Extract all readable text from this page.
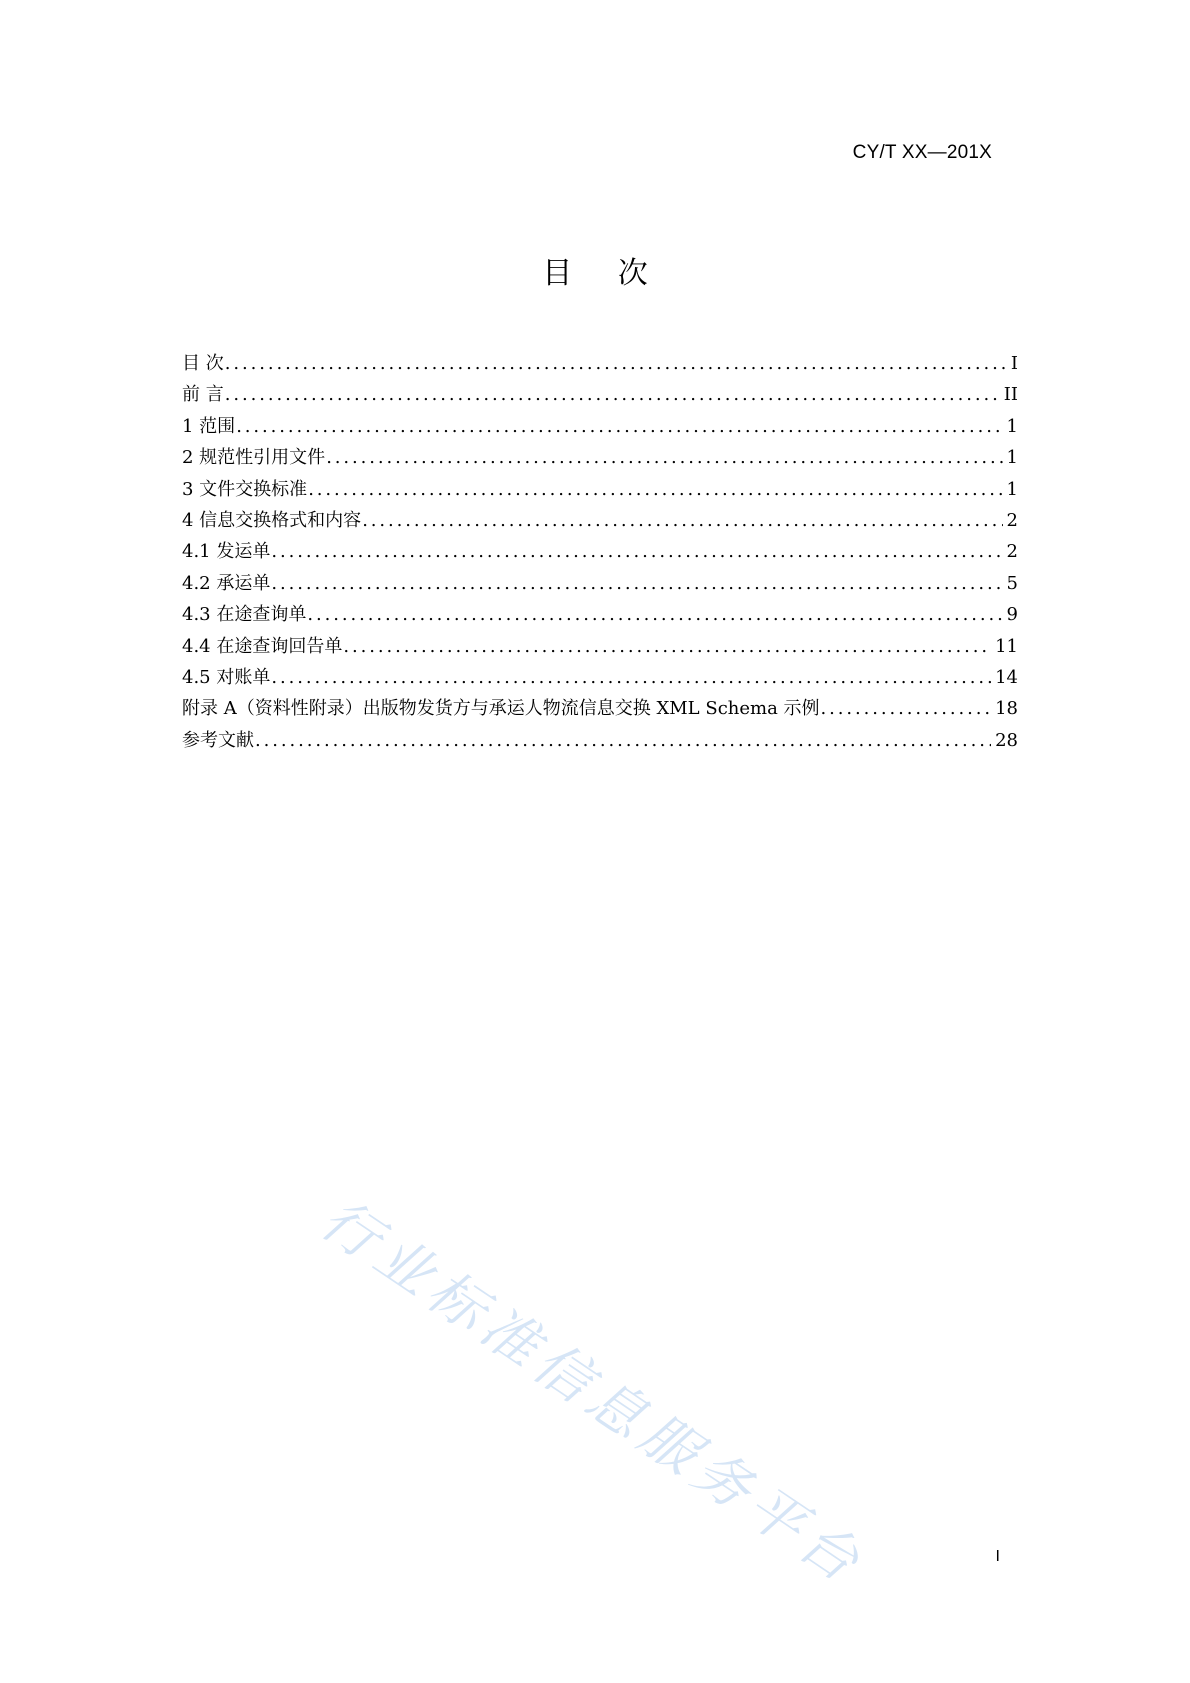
CY/T XX—201X
目 次
目 次 .....	I
前 言 .....	II
1 范围 .....	1
2 规范性引用文件 .....	1
3 文件交换标准 .....	1
4 信息交换格式和内容 .....	2
4.1 发运单 .....	2
4.2 承运单 .....	5
4.3 在途查询单 .....	9
4.4 在途查询回告单 .....	11
4.5 对账单 .....	14
附录 A（资料性附录）出版物发货方与承运人物流信息交换 XML Schema 示例 .....	18
参考文献 .....	28
行业标准信息服务平台	I
